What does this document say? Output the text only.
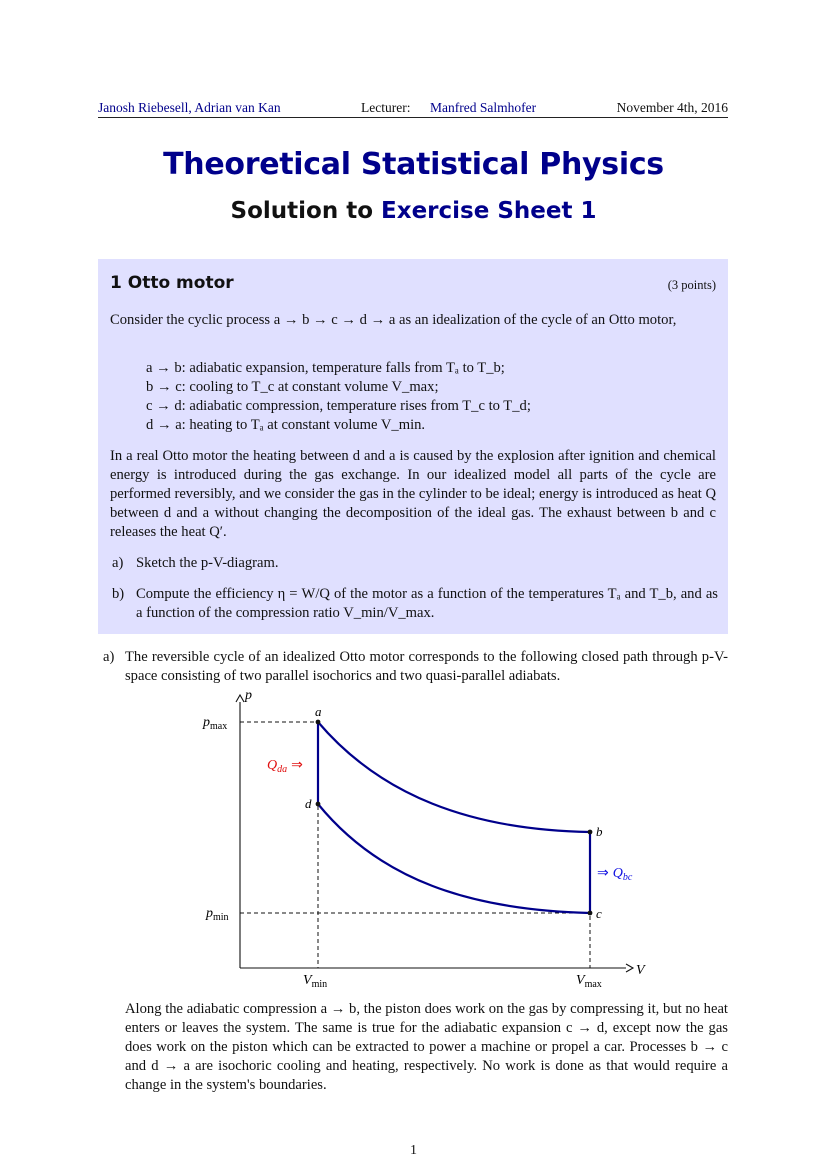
Janosh Riebesell, Adrian van Kan	Lecturer: Manfred Salmhofer	November 4th, 2016
Theoretical Statistical Physics
Solution to Exercise Sheet 1
1 Otto motor	(3 points)
Consider the cyclic process a → b → c → d → a as an idealization of the cycle of an Otto motor,
a → b: adiabatic expansion, temperature falls from Tₐ to T_b;
b → c: cooling to T_c at constant volume V_max;
c → d: adiabatic compression, temperature rises from T_c to T_d;
d → a: heating to Tₐ at constant volume V_min.
In a real Otto motor the heating between d and a is caused by the explosion after ignition and chemical energy is introduced during the gas exchange. In our idealized model all parts of the cycle are performed reversibly, and we consider the gas in the cylinder to be ideal; energy is introduced as heat Q between d and a without changing the decomposition of the ideal gas. The exhaust between b and c releases the heat Q′.
a) Sketch the p-V-diagram.
b) Compute the efficiency η = W/Q of the motor as a function of the temperatures Tₐ and T_b, and as a function of the compression ratio V_min/V_max.
a) The reversible cycle of an idealized Otto motor corresponds to the following closed path through p-V-space consisting of two parallel isochorics and two quasi-parallel adiabats.
p
V
$p_{max}$
$p_{min}$
$V_{min}$	$V_{max}$
a
b
c
d
$Q_{da}$ ⇒
⇒ $Q_{bc}$
Along the adiabatic compression a → b, the piston does work on the gas by compressing it, but no heat enters or leaves the system. The same is true for the adiabatic expansion c → d, except now the gas does work on the piston which can be extracted to power a machine or propel a car. Processes b → c and d → a are isochoric cooling and heating, respectively. No work is done as that would require a change in the system's boundaries.
1
